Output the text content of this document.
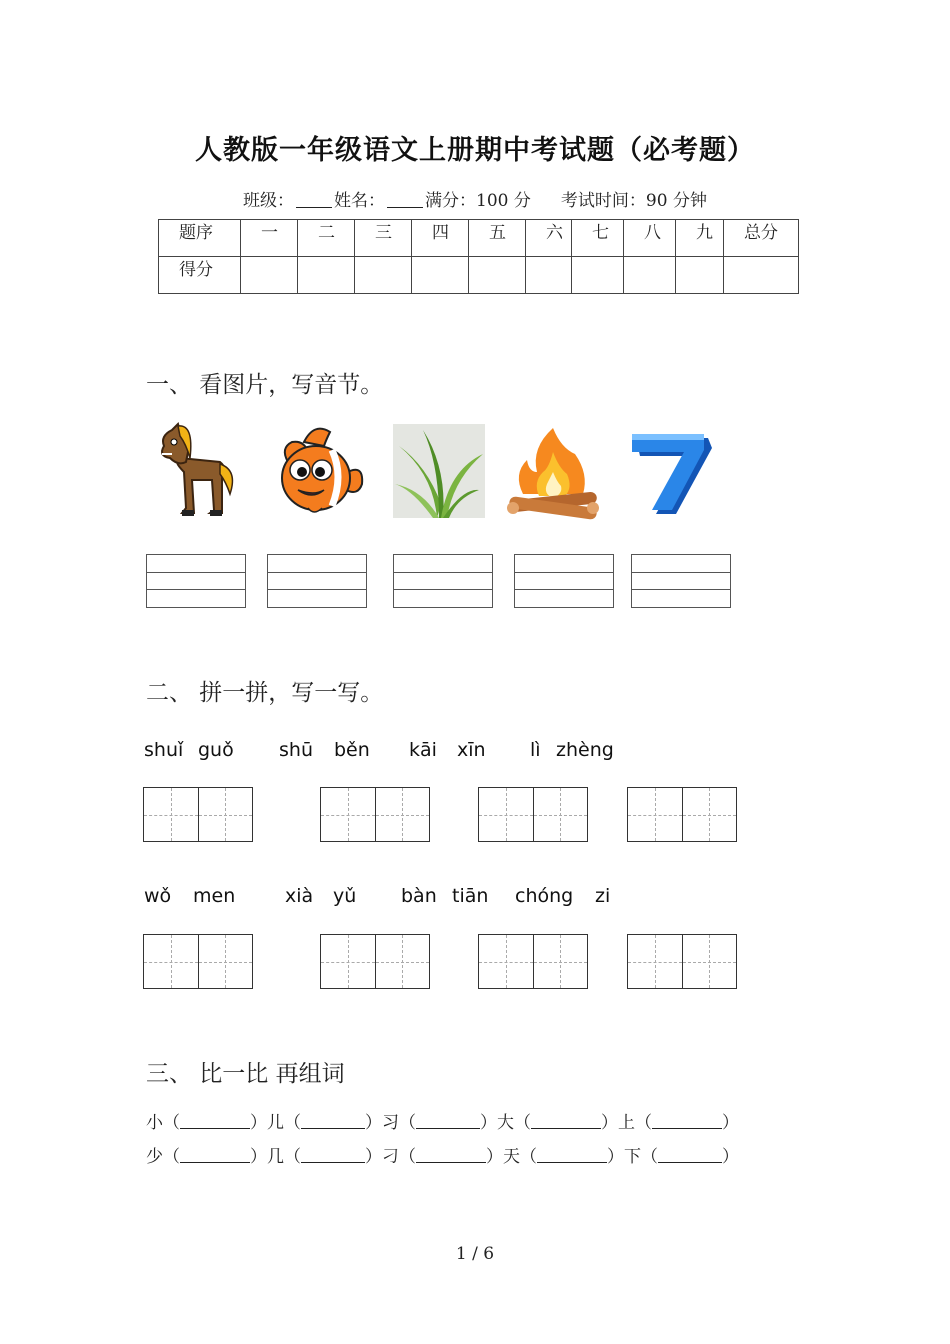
人教版一年级语文上册期中考试题（必考题）
班级： 姓名： 满分：100 分 考试时间：90 分钟
题序	一	二	三	四	五	六	七	八	九	总分
得分										
一、 看图片，写音节。
二、 拼一拼，写一写。
shuǐ guǒ shū běn kāi xīn lì zhèng
wǒ men	xià yǔ bàn tiān chóng zi
三、 比一比 再组词
小（	）儿（	）习（	）大（	）上（	）
少（	）几（	）刁（	）天（	）下（	）
1 / 6
